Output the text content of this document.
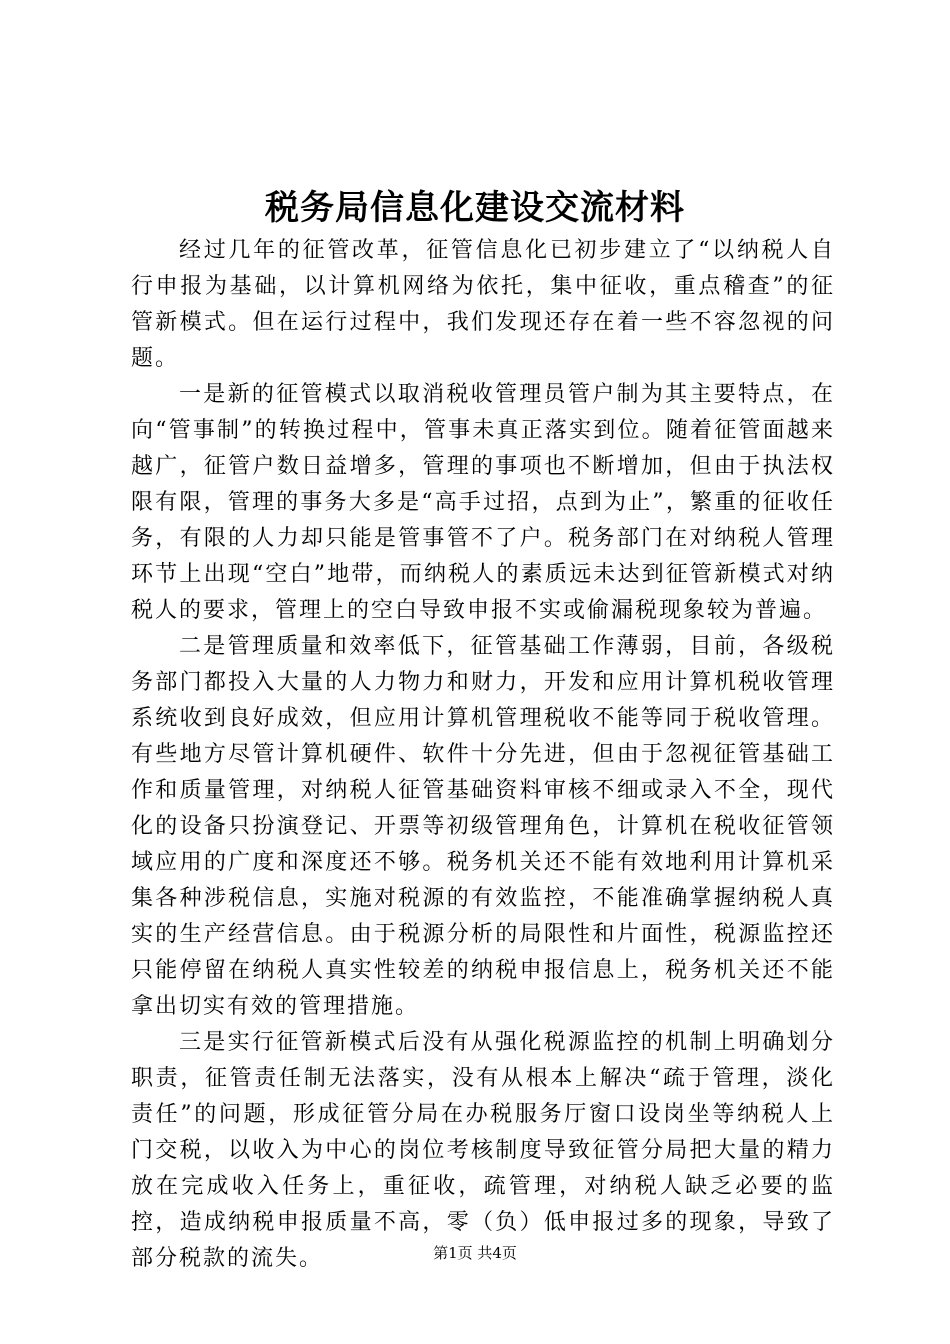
税务局信息化建设交流材料

经过几年的征管改革，征管信息化已初步建立了“以纳税人自行申报为基础，以计算机网络为依托，集中征收，重点稽查”的征管新模式。但在运行过程中，我们发现还存在着一些不容忽视的问题。

一是新的征管模式以取消税收管理员管户制为其主要特点，在向“管事制”的转换过程中，管事未真正落实到位。随着征管面越来越广，征管户数日益增多，管理的事项也不断增加，但由于执法权限有限，管理的事务大多是“高手过招，点到为止”，繁重的征收任务，有限的人力却只能是管事管不了户。税务部门在对纳税人管理环节上出现“空白”地带，而纳税人的素质远未达到征管新模式对纳税人的要求，管理上的空白导致申报不实或偷漏税现象较为普遍。

二是管理质量和效率低下，征管基础工作薄弱，目前，各级税务部门都投入大量的人力物力和财力，开发和应用计算机税收管理系统收到良好成效，但应用计算机管理税收不能等同于税收管理。有些地方尽管计算机硬件、软件十分先进，但由于忽视征管基础工作和质量管理，对纳税人征管基础资料审核不细或录入不全，现代化的设备只扮演登记、开票等初级管理角色，计算机在税收征管领域应用的广度和深度还不够。税务机关还不能有效地利用计算机采集各种涉税信息，实施对税源的有效监控，不能准确掌握纳税人真实的生产经营信息。由于税源分析的局限性和片面性，税源监控还只能停留在纳税人真实性较差的纳税申报信息上，税务机关还不能拿出切实有效的管理措施。

三是实行征管新模式后没有从强化税源监控的机制上明确划分职责，征管责任制无法落实，没有从根本上解决“疏于管理，淡化责任”的问题，形成征管分局在办税服务厅窗口设岗坐等纳税人上门交税，以收入为中心的岗位考核制度导致征管分局把大量的精力放在完成收入任务上，重征收，疏管理，对纳税人缺乏必要的监控，造成纳税申报质量不高，零（负）低申报过多的现象，导致了部分税款的流失。	第1页 共4页
